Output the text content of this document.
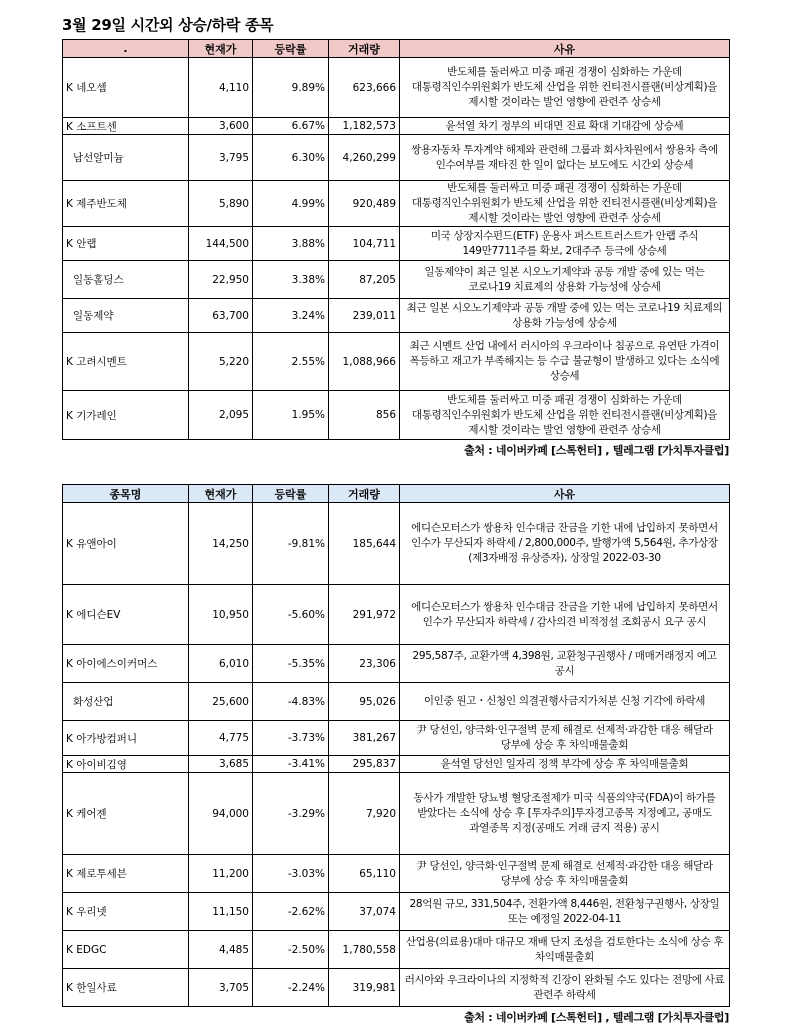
3월 29일 시간외 상승/하락 종목
.	현재가	등락률	거래량	사유
K 네오셈	4,110	9.89%	623,666	반도체를 둘러싸고 미중 패권 경쟁이 심화하는 가운데 대통령직인수위원회가 반도체 산업을 위한 컨티전시플랜(비상계획)을 제시할 것이라는 발언 영향에 관련주 상승세
K 소프트센	3,600	6.67%	1,182,573	윤석열 차기 정부의 비대면 진료 확대 기대감에 상승세
남선알미늄	3,795	6.30%	4,260,299	쌍용자동차 투자계약 해제와 관련해 그룹과 회사차원에서 쌍용차 측에 인수여부를 재타진 한 일이 없다는 보도에도 시간외 상승세
K 제주반도체	5,890	4.99%	920,489	반도체를 둘러싸고 미중 패권 경쟁이 심화하는 가운데 대통령직인수위원회가 반도체 산업을 위한 컨티전시플랜(비상계획)을 제시할 것이라는 발언 영향에 관련주 상승세
K 안랩	144,500	3.88%	104,711	미국 상장지수펀드(ETF) 운용사 퍼스트트러스트가 안랩 주식 149만7711주를 확보, 2대주주 등극에 상승세
일동홀딩스	22,950	3.38%	87,205	일동제약이 최근 일본 시오노기제약과 공동 개발 중에 있는 먹는 코로나19 치료제의 상용화 가능성에 상승세
일동제약	63,700	3.24%	239,011	최근 일본 시오노기제약과 공동 개발 중에 있는 먹는 코로나19 치료제의 상용화 가능성에 상승세
K 고려시멘트	5,220	2.55%	1,088,966	최근 시멘트 산업 내에서 러시아의 우크라이나 침공으로 유연탄 가격이 폭등하고 재고가 부족해지는 등 수급 불균형이 발생하고 있다는 소식에 상승세
K 기가레인	2,095	1.95%	856	반도체를 둘러싸고 미중 패권 경쟁이 심화하는 가운데 대통령직인수위원회가 반도체 산업을 위한 컨티전시플랜(비상계획)을 제시할 것이라는 발언 영향에 관련주 상승세
출처 : 네이버카페 [스톡헌터] , 텔레그램 [가치투자클럽]
종목명	현재가	등락률	거래량	사유
K 유앤아이	14,250	-9.81%	185,644	에디슨모터스가 쌍용차 인수대금 잔금을 기한 내에 납입하지 못하면서 인수가 무산되자 하락세 / 2,800,000주, 발행가액 5,564원, 추가상장(제3자배정 유상증자), 상장일 2022-03-30
K 에디슨EV	10,950	-5.60%	291,972	에디슨모터스가 쌍용차 인수대금 잔금을 기한 내에 납입하지 못하면서 인수가 무산되자 하락세 / 감사의견 비적정설 조회공시 요구 공시
K 아이에스이커머스	6,010	-5.35%	23,306	295,587주, 교환가액 4,398원, 교환청구권행사 / 매매거래정지 예고 공시
화성산업	25,600	-4.83%	95,026	이인중 원고・신청인 의결권행사금지가처분 신청 기각에 하락세
K 아가방컴퍼니	4,775	-3.73%	381,267	尹 당선인, 양극화·인구절벽 문제 해결로 선제적·과감한 대응 해달라 당부에 상승 후 차익매물출회
K 아이비김영	3,685	-3.41%	295,837	윤석열 당선인 일자리 정책 부각에 상승 후 차익매물출회
K 케어젠	94,000	-3.29%	7,920	동사가 개발한 당뇨병 혈당조절제가 미국 식품의약국(FDA)이 하가를 받았다는 소식에 상승 후 [투자주의]투자경고종목 지정예고, 공매도 과열종목 지정(공매도 거래 금지 적용) 공시
K 제로투세븐	11,200	-3.03%	65,110	尹 당선인, 양극화·인구절벽 문제 해결로 선제적·과감한 대응 해달라 당부에 상승 후 차익매물출회
K 우리넷	11,150	-2.62%	37,074	28억원 규모, 331,504주, 전환가액 8,446원, 전환청구권행사, 상장일 또는 예정일 2022-04-11
K EDGC	4,485	-2.50%	1,780,558	산업용(의료용)대마 대규모 재배 단지 조성을 검토한다는 소식에 상승 후 차익매물출회
K 한일사료	3,705	-2.24%	319,981	러시아와 우크라이나의 지정학적 긴장이 완화될 수도 있다는 전망에 사료 관련주 하락세
출처 : 네이버카페 [스톡헌터] , 텔레그램 [가치투자클럽]
